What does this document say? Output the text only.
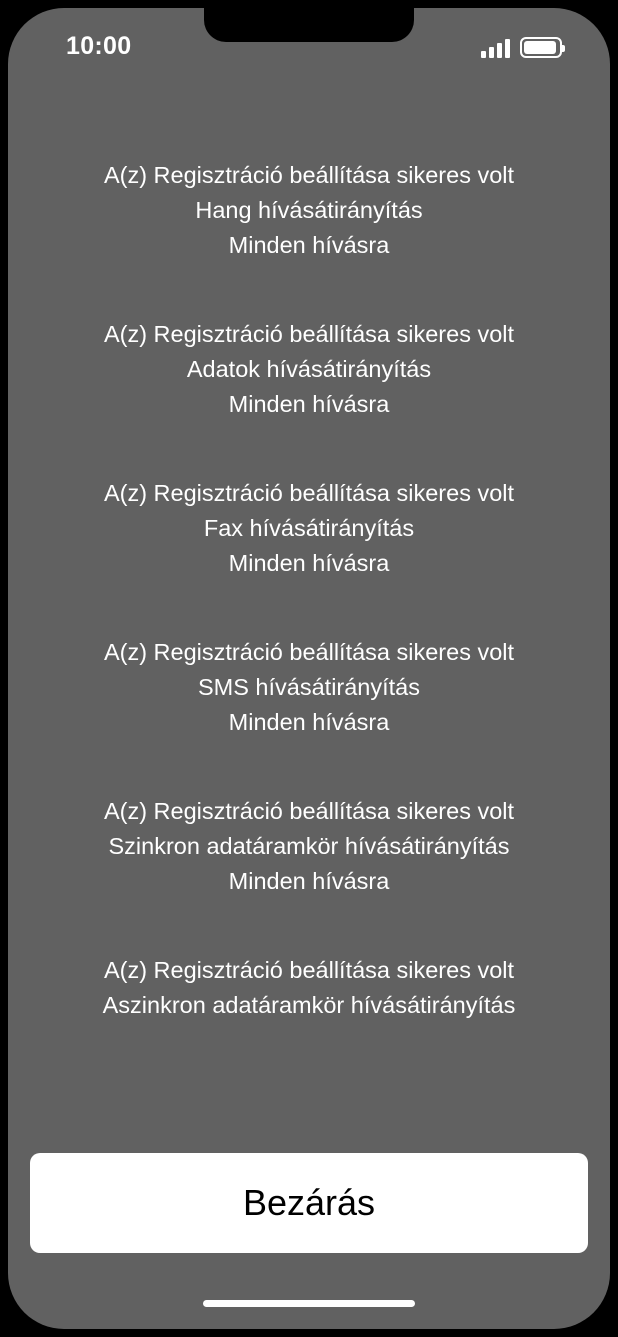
10:00
A(z) Regisztráció beállítása sikeres volt
Hang hívásátirányítás
Minden hívásra
A(z) Regisztráció beállítása sikeres volt
Adatok hívásátirányítás
Minden hívásra
A(z) Regisztráció beállítása sikeres volt
Fax hívásátirányítás
Minden hívásra
A(z) Regisztráció beállítása sikeres volt
SMS hívásátirányítás
Minden hívásra
A(z) Regisztráció beállítása sikeres volt
Szinkron adatáramkör hívásátirányítás
Minden hívásra
A(z) Regisztráció beállítása sikeres volt
Aszinkron adatáramkör hívásátirányítás
Bezárás
